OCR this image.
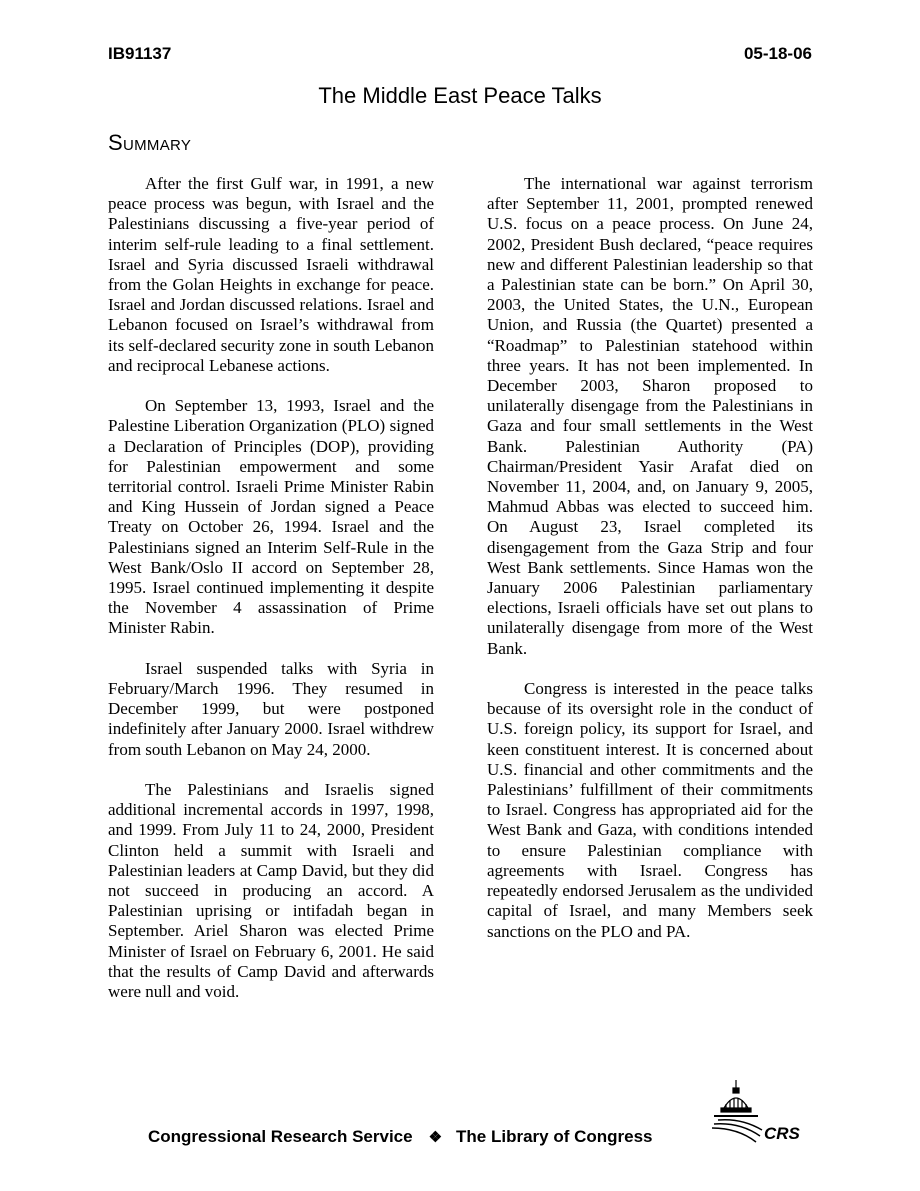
IB91137	05-18-06
The Middle East Peace Talks
Summary

After the first Gulf war, in 1991, a new peace process was begun, with Israel and the Palestinians discussing a five-year period of interim self-rule leading to a final settlement. Israel and Syria discussed Israeli withdrawal from the Golan Heights in exchange for peace. Israel and Jordan discussed relations. Israel and Lebanon focused on Israel’s withdrawal from its self-declared security zone in south Lebanon and reciprocal Lebanese actions.

On September 13, 1993, Israel and the Palestine Liberation Organization (PLO) signed a Declaration of Principles (DOP), providing for Palestinian empowerment and some territorial control. Israeli Prime Minister Rabin and King Hussein of Jordan signed a Peace Treaty on October 26, 1994. Israel and the Palestinians signed an Interim Self-Rule in the West Bank/Oslo II accord on September 28, 1995. Israel continued implementing it despite the November 4 assassination of Prime Minister Rabin.

Israel suspended talks with Syria in February/March 1996. They resumed in December 1999, but were postponed indefinitely after January 2000. Israel withdrew from south Lebanon on May 24, 2000.

The Palestinians and Israelis signed additional incremental accords in 1997, 1998, and 1999. From July 11 to 24, 2000, President Clinton held a summit with Israeli and Palestinian leaders at Camp David, but they did not succeed in producing an accord. A Palestinian uprising or intifadah began in September. Ariel Sharon was elected Prime Minister of Israel on February 6, 2001. He said that the results of Camp David and afterwards were null and void.

The international war against terrorism after September 11, 2001, prompted renewed U.S. focus on a peace process. On June 24, 2002, President Bush declared, “peace requires new and different Palestinian leadership so that a Palestinian state can be born.” On April 30, 2003, the United States, the U.N., European Union, and Russia (the Quartet) presented a “Roadmap” to Palestinian statehood within three years. It has not been implemented. In December 2003, Sharon proposed to unilaterally disengage from the Palestinians in Gaza and four small settlements in the West Bank. Palestinian Authority (PA) Chairman/President Yasir Arafat died on November 11, 2004, and, on January 9, 2005, Mahmud Abbas was elected to succeed him. On August 23, Israel completed its disengagement from the Gaza Strip and four West Bank settlements. Since Hamas won the January 2006 Palestinian parliamentary elections, Israeli officials have set out plans to unilaterally disengage from more of the West Bank.

Congress is interested in the peace talks because of its oversight role in the conduct of U.S. foreign policy, its support for Israel, and keen constituent interest. It is concerned about U.S. financial and other commitments and the Palestinians’ fulfillment of their commitments to Israel. Congress has appropriated aid for the West Bank and Gaza, with conditions intended to ensure Palestinian compliance with agreements with Israel. Congress has repeatedly endorsed Jerusalem as the undivided capital of Israel, and many Members seek sanctions on the PLO and PA.

Congressional Research Service ❖ The Library of Congress	CRS
